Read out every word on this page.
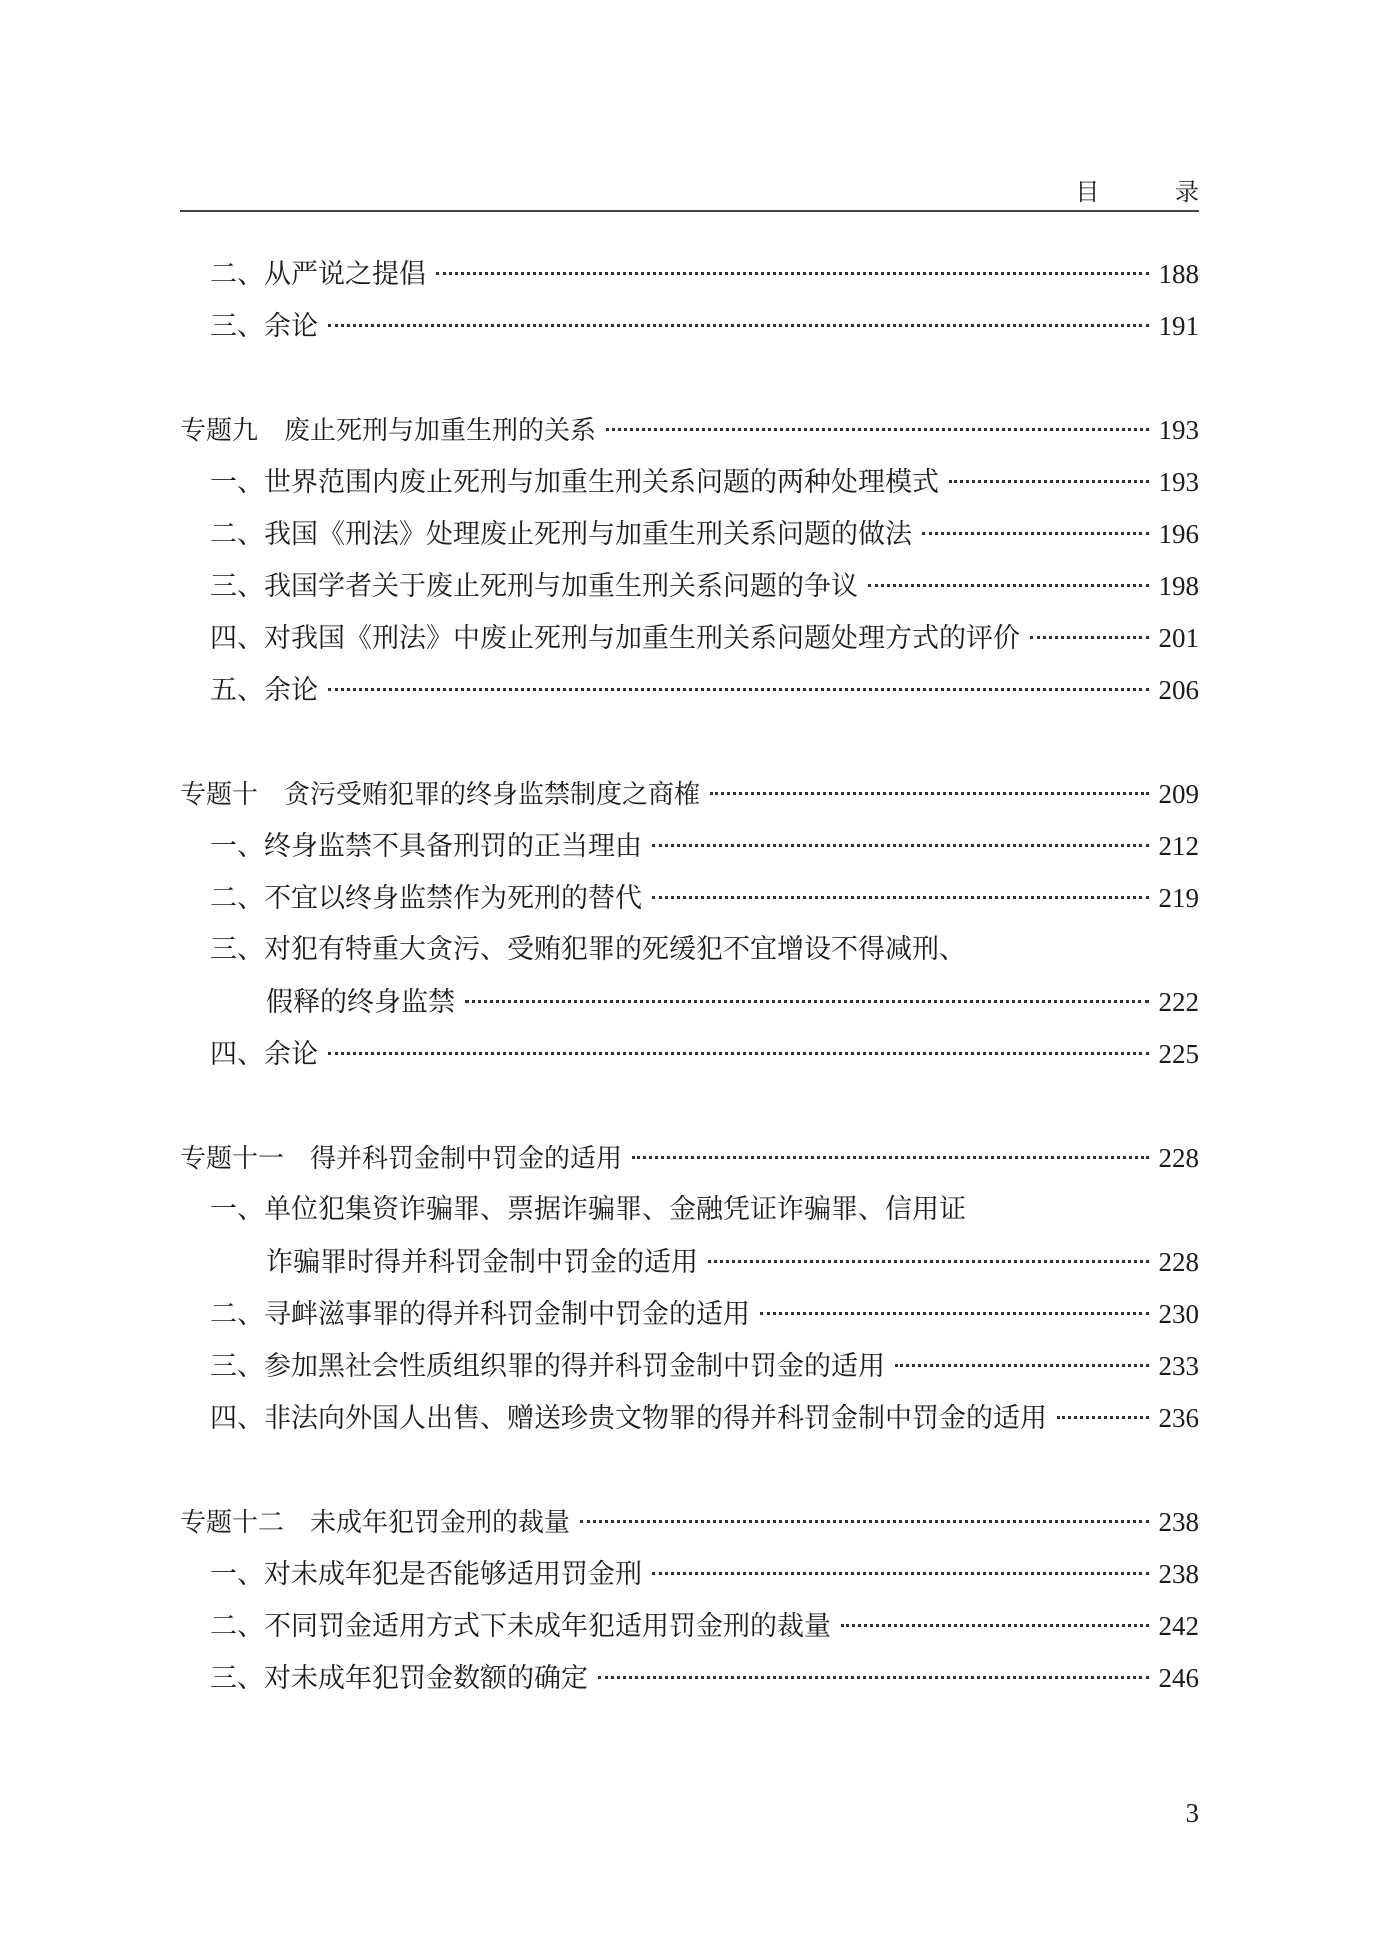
目 录
二、从严说之提倡	188
三、余论	191
专题九 废止死刑与加重生刑的关系	193
一、世界范围内废止死刑与加重生刑关系问题的两种处理模式	193
二、我国《刑法》处理废止死刑与加重生刑关系问题的做法	196
三、我国学者关于废止死刑与加重生刑关系问题的争议	198
四、对我国《刑法》中废止死刑与加重生刑关系问题处理方式的评价	201
五、余论	206
专题十 贪污受贿犯罪的终身监禁制度之商榷	209
一、终身监禁不具备刑罚的正当理由	212
二、不宜以终身监禁作为死刑的替代	219
三、对犯有特重大贪污、受贿犯罪的死缓犯不宜增设不得减刑、
假释的终身监禁	222
四、余论	225
专题十一 得并科罚金制中罚金的适用	228
一、单位犯集资诈骗罪、票据诈骗罪、金融凭证诈骗罪、信用证
诈骗罪时得并科罚金制中罚金的适用	228
二、寻衅滋事罪的得并科罚金制中罚金的适用	230
三、参加黑社会性质组织罪的得并科罚金制中罚金的适用	233
四、非法向外国人出售、赠送珍贵文物罪的得并科罚金制中罚金的适用	236
专题十二 未成年犯罚金刑的裁量	238
一、对未成年犯是否能够适用罚金刑	238
二、不同罚金适用方式下未成年犯适用罚金刑的裁量	242
三、对未成年犯罚金数额的确定	246
3
